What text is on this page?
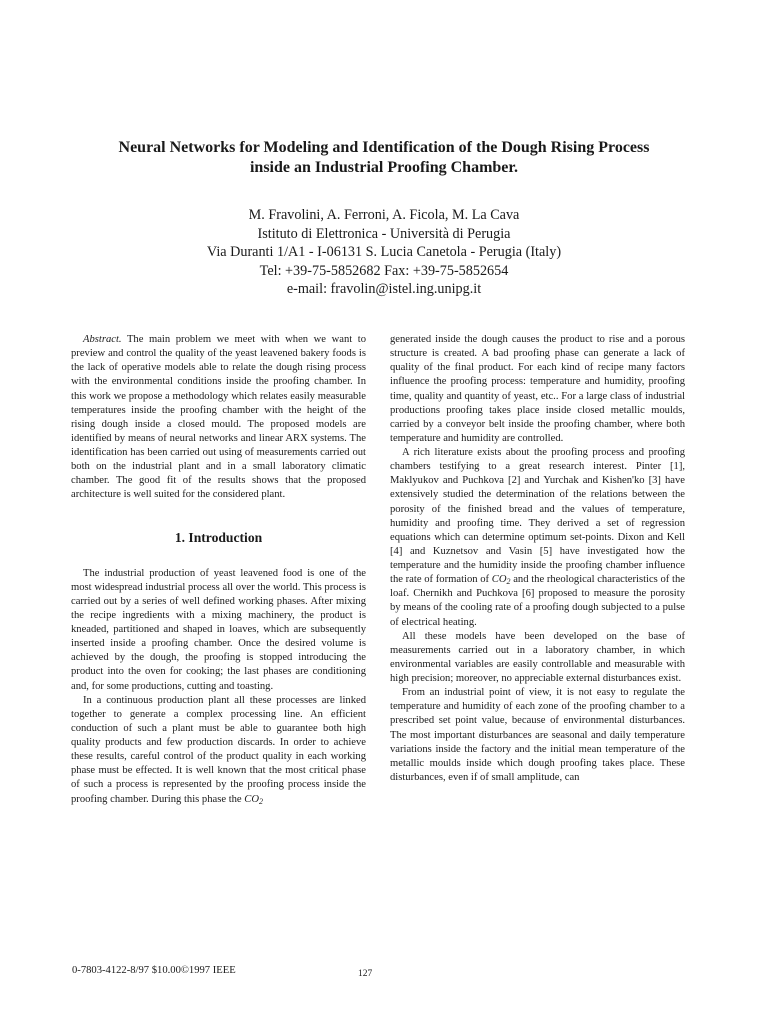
Neural Networks for Modeling and Identification of the Dough Rising Process
inside an Industrial Proofing Chamber.
M. Fravolini, A. Ferroni, A. Ficola, M. La Cava
Istituto di Elettronica - Università di Perugia
Via Duranti 1/A1 - I-06131 S. Lucia Canetola - Perugia (Italy)
Tel: +39-75-5852682 Fax: +39-75-5852654
e-mail: fravolin@istel.ing.unipg.it

Abstract. The main problem we meet with when we want to preview and control the quality of the yeast leavened bakery foods is the lack of operative models able to relate the dough rising process with the environmental conditions inside the proofing chamber. In this work we propose a methodology which relates easily measurable temperatures inside the proofing chamber with the height of the rising dough inside a closed mould. The proposed models are identified by means of neural networks and linear ARX systems. The identification has been carried out using of measurements carried out both on the industrial plant and in a small laboratory climatic chamber. The good fit of the results shows that the proposed architecture is well suited for the considered plant.

1. Introduction

The industrial production of yeast leavened food is one of the most widespread industrial process all over the world. This process is carried out by a series of well defined working phases. After mixing the recipe ingredients with a mixing machinery, the product is kneaded, partitioned and shaped in loaves, which are subsequently inserted inside a proofing chamber. Once the desired volume is achieved by the dough, the proofing is stopped introducing the product into the oven for cooking; the last phases are conditioning and, for some productions, cutting and toasting.

In a continuous production plant all these processes are linked together to generate a complex processing line. An efficient conduction of such a plant must be able to guarantee both high quality products and few production discards. In order to achieve these results, careful control of the product quality in each working phase must be effected. It is well known that the most critical phase of such a process is represented by the proofing process inside the proofing chamber. During this phase the $CO_2$

generated inside the dough causes the product to rise and a porous structure is created. A bad proofing phase can generate a lack of quality of the final product. For each kind of recipe many factors influence the proofing process: temperature and humidity, proofing time, quality and quantity of yeast, etc.. For a large class of industrial productions proofing takes place inside closed metallic moulds, carried by a conveyor belt inside the proofing chamber, where both temperature and humidity are controlled.

A rich literature exists about the proofing process and proofing chambers testifying to a great research interest. Pinter [1], Maklyukov and Puchkova [2] and Yurchak and Kishen'ko [3] have extensively studied the determination of the relations between the porosity of the finished bread and the values of temperature, humidity and proofing time. They derived a set of regression equations which can determine optimum set-points. Dixon and Kell [4] and Kuznetsov and Vasin [5] have investigated how the temperature and the humidity inside the proofing chamber influence the rate of formation of $CO_2$ and the rheological characteristics of the loaf. Chernikh and Puchkova [6] proposed to measure the porosity by means of the cooling rate of a proofing dough subjected to a pulse of electrical heating.

All these models have been developed on the base of measurements carried out in a laboratory chamber, in which environmental variables are easily controllable and measurable with high precision; moreover, no appreciable external disturbances exist.

From an industrial point of view, it is not easy to regulate the temperature and humidity of each zone of the proofing chamber to a prescribed set point value, because of environmental disturbances. The most important disturbances are seasonal and daily temperature variations inside the factory and the initial mean temperature of the metallic moulds inside which dough proofing takes place. These disturbances, even if of small amplitude, can

0-7803-4122-8/97 $10.00©1997 IEEE	127
